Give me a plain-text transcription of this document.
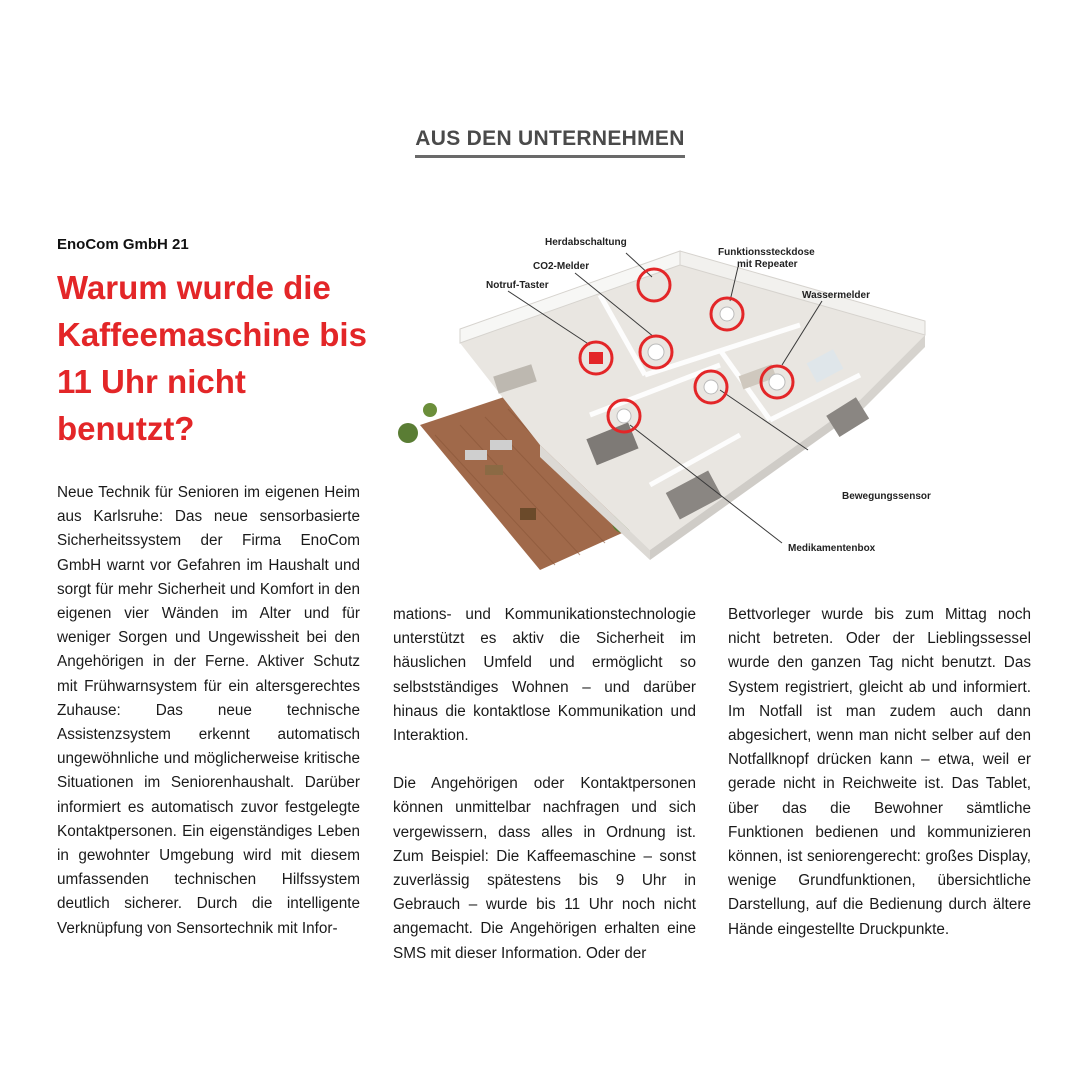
AUS DEN UNTERNEHMEN
EnoCom GmbH 21
Warum wurde die Kaffeemaschine bis 11 Uhr nicht benutzt?
Herdabschaltung
CO2-Melder
Notruf-Taster
Funktionssteckdose
mit Repeater
Wassermelder
Bewegungssensor
Medikamentenbox

Neue Technik für Senioren im eigenen Heim aus Karlsruhe: Das neue sensorbasierte Sicherheitssystem der Firma EnoCom GmbH warnt vor Gefahren im Haushalt und sorgt für mehr Sicherheit und Komfort in den eigenen vier Wänden im Alter und für weniger Sorgen und Ungewissheit bei den Angehörigen in der Ferne. Aktiver Schutz mit Frühwarnsystem für ein altersgerechtes Zuhause: Das neue technische Assistenzsystem erkennt automatisch ungewöhnliche und möglicherweise kritische Situationen im Seniorenhaushalt. Darüber informiert es automatisch zuvor festgelegte Kontaktpersonen. Ein eigenständiges Leben in gewohnter Umgebung wird mit diesem umfassenden technischen Hilfssystem deutlich sicherer. Durch die intelligente Verknüpfung von Sensortechnik mit Infor-

mations- und Kommunikationstechnologie unterstützt es aktiv die Sicherheit im häuslichen Umfeld und ermöglicht so selbstständiges Wohnen – und darüber hinaus die kontaktlose Kommunikation und Interaktion.

Die Angehörigen oder Kontaktpersonen können unmittelbar nachfragen und sich vergewissern, dass alles in Ordnung ist. Zum Beispiel: Die Kaffeemaschine – sonst zuverlässig spätestens bis 9 Uhr in Gebrauch – wurde bis 11 Uhr noch nicht angemacht. Die Angehörigen erhalten eine SMS mit dieser Information. Oder der

Bettvorleger wurde bis zum Mittag noch nicht betreten. Oder der Lieblingssessel wurde den ganzen Tag nicht benutzt. Das System registriert, gleicht ab und informiert. Im Notfall ist man zudem auch dann abgesichert, wenn man nicht selber auf den Notfallknopf drücken kann – etwa, weil er gerade nicht in Reichweite ist. Das Tablet, über das die Bewohner sämtliche Funktionen bedienen und kommunizieren können, ist seniorengerecht: großes Display, wenige Grundfunktionen, übersichtliche Darstellung, auf die Bedienung durch ältere Hände eingestellte Druckpunkte.
